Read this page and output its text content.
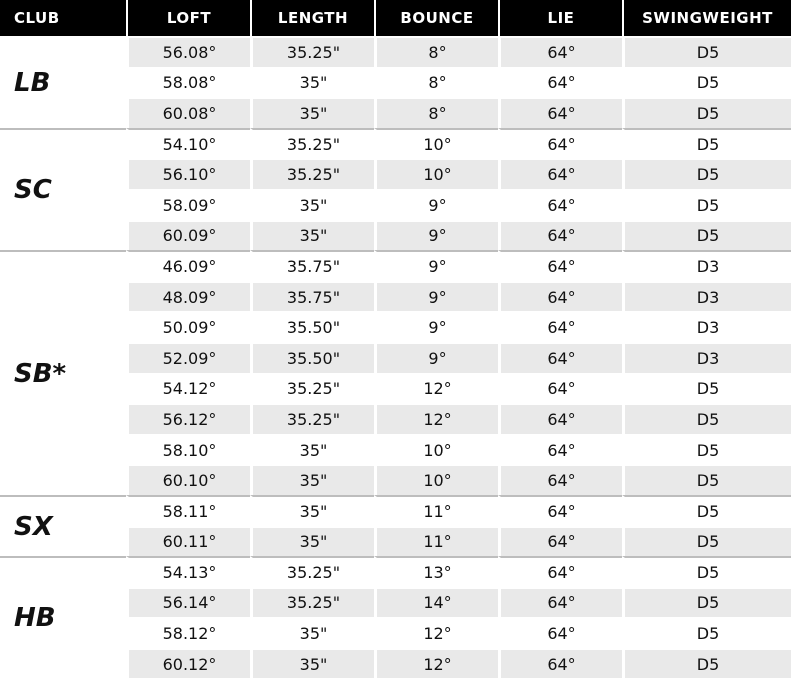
CLUB	LOFT	LENGTH	BOUNCE	LIE	SWINGWEIGHT
LB	56.08°	35.25"	8°	64°	D5
	58.08°	35"	8°	64°	D5
	60.08°	35"	8°	64°	D5
SC	54.10°	35.25"	10°	64°	D5
	56.10°	35.25"	10°	64°	D5
	58.09°	35"	9°	64°	D5
	60.09°	35"	9°	64°	D5
SB*	46.09°	35.75"	9°	64°	D3
	48.09°	35.75"	9°	64°	D3
	50.09°	35.50"	9°	64°	D3
	52.09°	35.50"	9°	64°	D3
	54.12°	35.25"	12°	64°	D5
	56.12°	35.25"	12°	64°	D5
	58.10°	35"	10°	64°	D5
	60.10°	35"	10°	64°	D5
SX	58.11°	35"	11°	64°	D5
	60.11°	35"	11°	64°	D5
HB	54.13°	35.25"	13°	64°	D5
	56.14°	35.25"	14°	64°	D5
	58.12°	35"	12°	64°	D5
	60.12°	35"	12°	64°	D5
